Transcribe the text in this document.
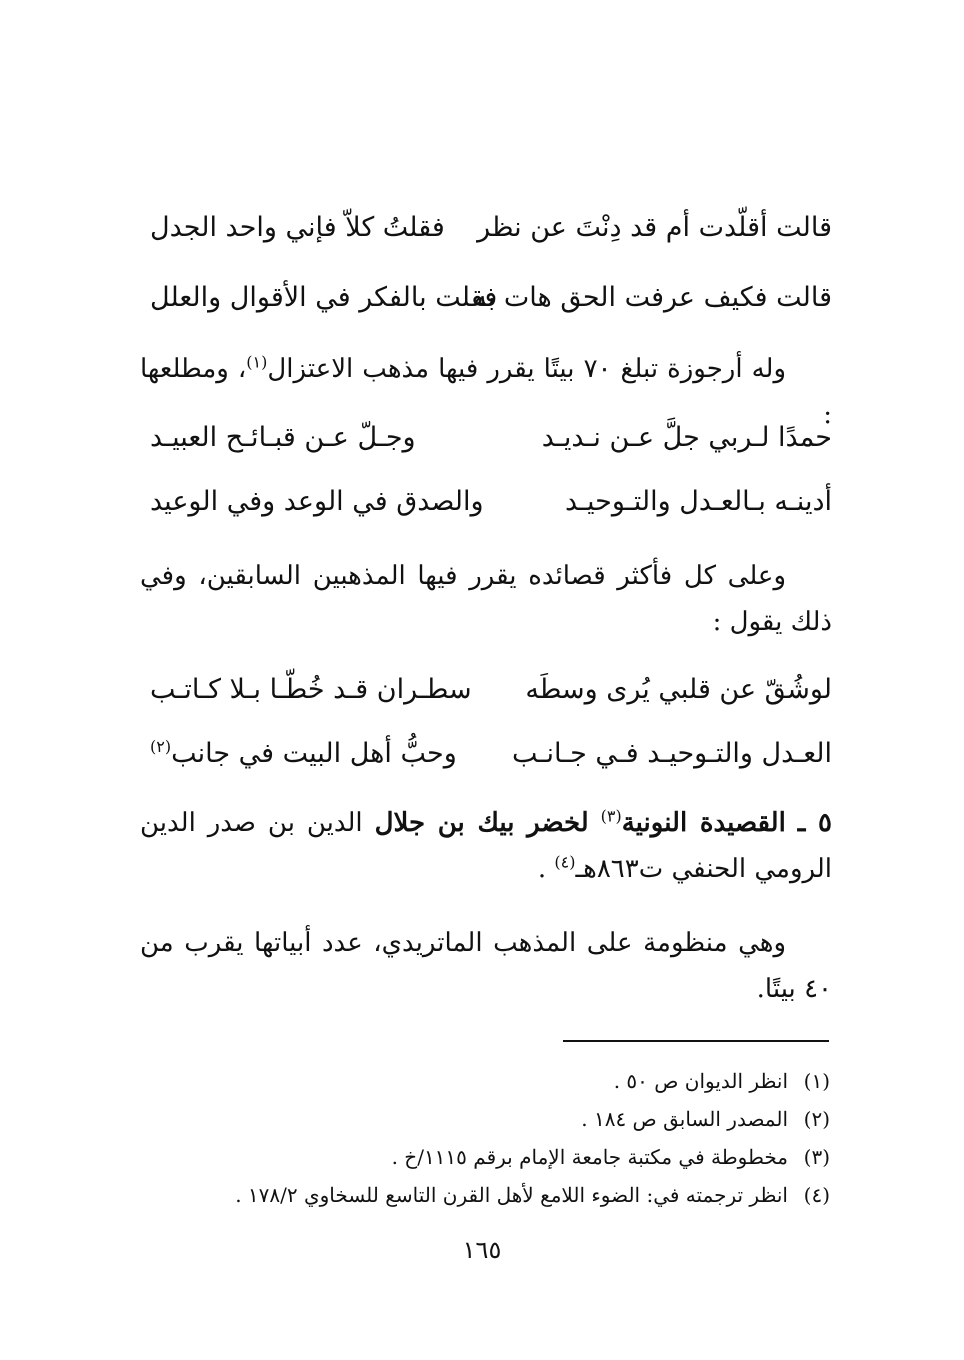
قالت أقلّدت أم قد دِنْتَ عن نظر
فقلتُ كلاّ فإني واحد الجدل
قالت فكيف عرفت الحق هات به
فقلت بالفكر في الأقوال والعلل
وله أرجوزة تبلغ ٧٠ بيتًا يقرر فيها مذهب الاعتزال$^{(١)}$، ومطلعها :
حمدًا لـربي جلَّ عـن نـديـد
وجـلّ عـن قبـائـح العبيـد
أدينـه بـالعـدل والتـوحيـد
والصدق في الوعد وفي الوعيد
وعلى كل فأكثر قصائده يقرر فيها المذهبين السابقين، وفي ذلك يقول :
لوشُقّ عن قلبي يُرى وسطَه
سطـران قـد خُطّـا بـلا كـاتـب
العـدل والتـوحيـد فـي جـانـب
وحبُّ أهل البيت في جانب$^{(٢)}$
٥ ـ القصيدة النونية$^{(٣)}$ لخضر بيك بن جلال الدين بن صدر الدين الرومي الحنفي ت٨٦٣هـ$^{(٤)}$ .
وهي منظومة على المذهب الماتريدي، عدد أبياتها يقرب من ٤٠ بيتًا.
(١)انظر الديوان ص ٥٠ .
(٢)المصدر السابق ص ١٨٤ .
(٣)مخطوطة في مكتبة جامعة الإمام برقم ١١١٥/خ .
(٤)انظر ترجمته في: الضوء اللامع لأهل القرن التاسع للسخاوي ١٧٨/٢ .
١٦٥
